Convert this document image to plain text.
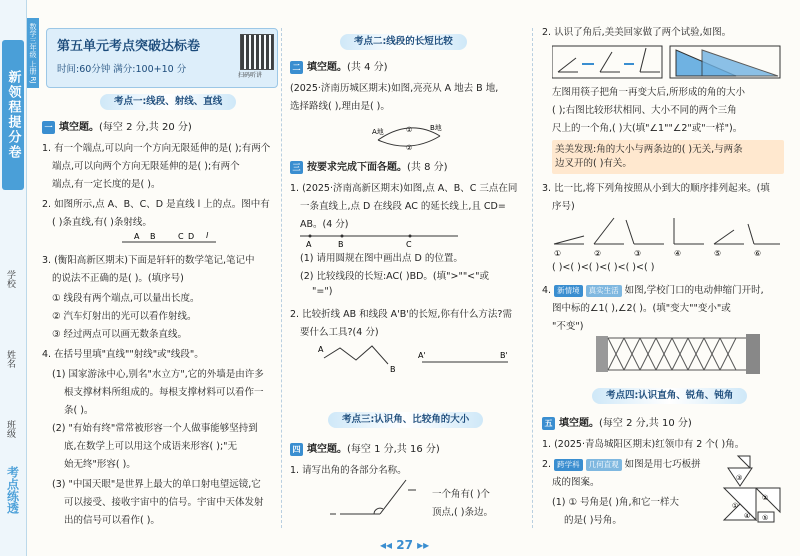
新领程提分卷
学校
姓名
班级
考点练透
数学三年级 上册 RJ 第五单元考点突破达标卷
时间:60分钟 满分:100+10 分
扫码听讲
考点一:线段、射线、直线
一 填空题。(每空 2 分,共 20 分)
1. 有一个端点,可以向一个方向无限延伸的是( );有两个
端点,可以向两个方向无限延伸的是( );有两个
端点,有一定长度的是( )。
2. 如图所示,点 A、B、C、D 是直线 l 上的点。图中有
( )条直线,有( )条射线。
A B	C D l
3. (衡阳高新区期末)下面是轩轩的数学笔记,笔记中
的说法不正确的是( )。(填序号)
① 线段有两个端点,可以量出长度。
② 汽车灯射出的光可以看作射线。
③ 经过两点可以画无数条直线。
4. 在括号里填"直线""射线"或"线段"。
(1) 国家游泳中心,别名"水立方",它的外墙是由许多
根支撑材料所组成的。每根支撑材料可以看作一
条( )。
(2) "有始有终"常常被形容一个人做事能够坚持到
底,在数学上可以用这个成语来形容( );"无
始无终"形容( )。
(3) "中国天眼"是世界上最大的单口射电望远镜,它
可以接受、接收宇宙中的信号。宇宙中天体发射
出的信号可以看作( )。
考点二:线段的长短比较
二 填空题。(共 4 分)
(2025·济南历城区期末)如图,亮亮从 A 地去 B 地,
选择路线( ),理由是( )。
A地	B地
①
②
三 按要求完成下面各题。(共 8 分)
1. (2025·济南高新区期末)如图,点 A、B、C 三点在同
一条直线上,点 D 在线段 AC 的延长线上,且 CD=
AB。(4 分)
A	B	C
(1) 请用圆规在图中画出点 D 的位置。
(2) 比较线段的长短:AC( )BD。(填">""<"或
"=")
2. 比较折线 AB 和线段 A'B'的长短,你有什么方法?需
要什么工具?(4 分)
A
B
A'	B'
考点三:认识角、比较角的大小
四 填空题。(每空 1 分,共 16 分)
1. 请写出角的各部分名称。
一个角有( )个
顶点,( )条边。
2. 认识了角后,美美回家做了两个试验,如图。
左图用筷子把角一再变大后,所形成的角的大小
( );右图比较形状相同、大小不同的两个三角
尺上的一个角,( )大(填"∠1""∠2"或"一样")。
美美发现:角的大小与两条边的( )无关,与两条
边叉开的( )有关。
3. 比一比,将下列角按照从小到大的顺序排列起来。(填
序号)
①	②	③	④	⑤	⑥
( )<( )<( )<( )<( )<( )
4. 新情境 真实生活 如图,学校门口的电动伸缩门开时,
图中标的∠1( ),∠2( )。(填"变大""变小"或
"不变")
考点四:认识直角、锐角、钝角
五 填空题。(每空 2 分,共 10 分)
1. (2025·青岛城阳区期末)红领巾有 2 个( )角。
2. 跨学科 几何直观 如图是用七巧板拼
成的图案。
(1) ① 号角是( )角,和它一样大
的是( )号角。
①
②
③
④ ⑤
◂◂ 27 ▸▸
